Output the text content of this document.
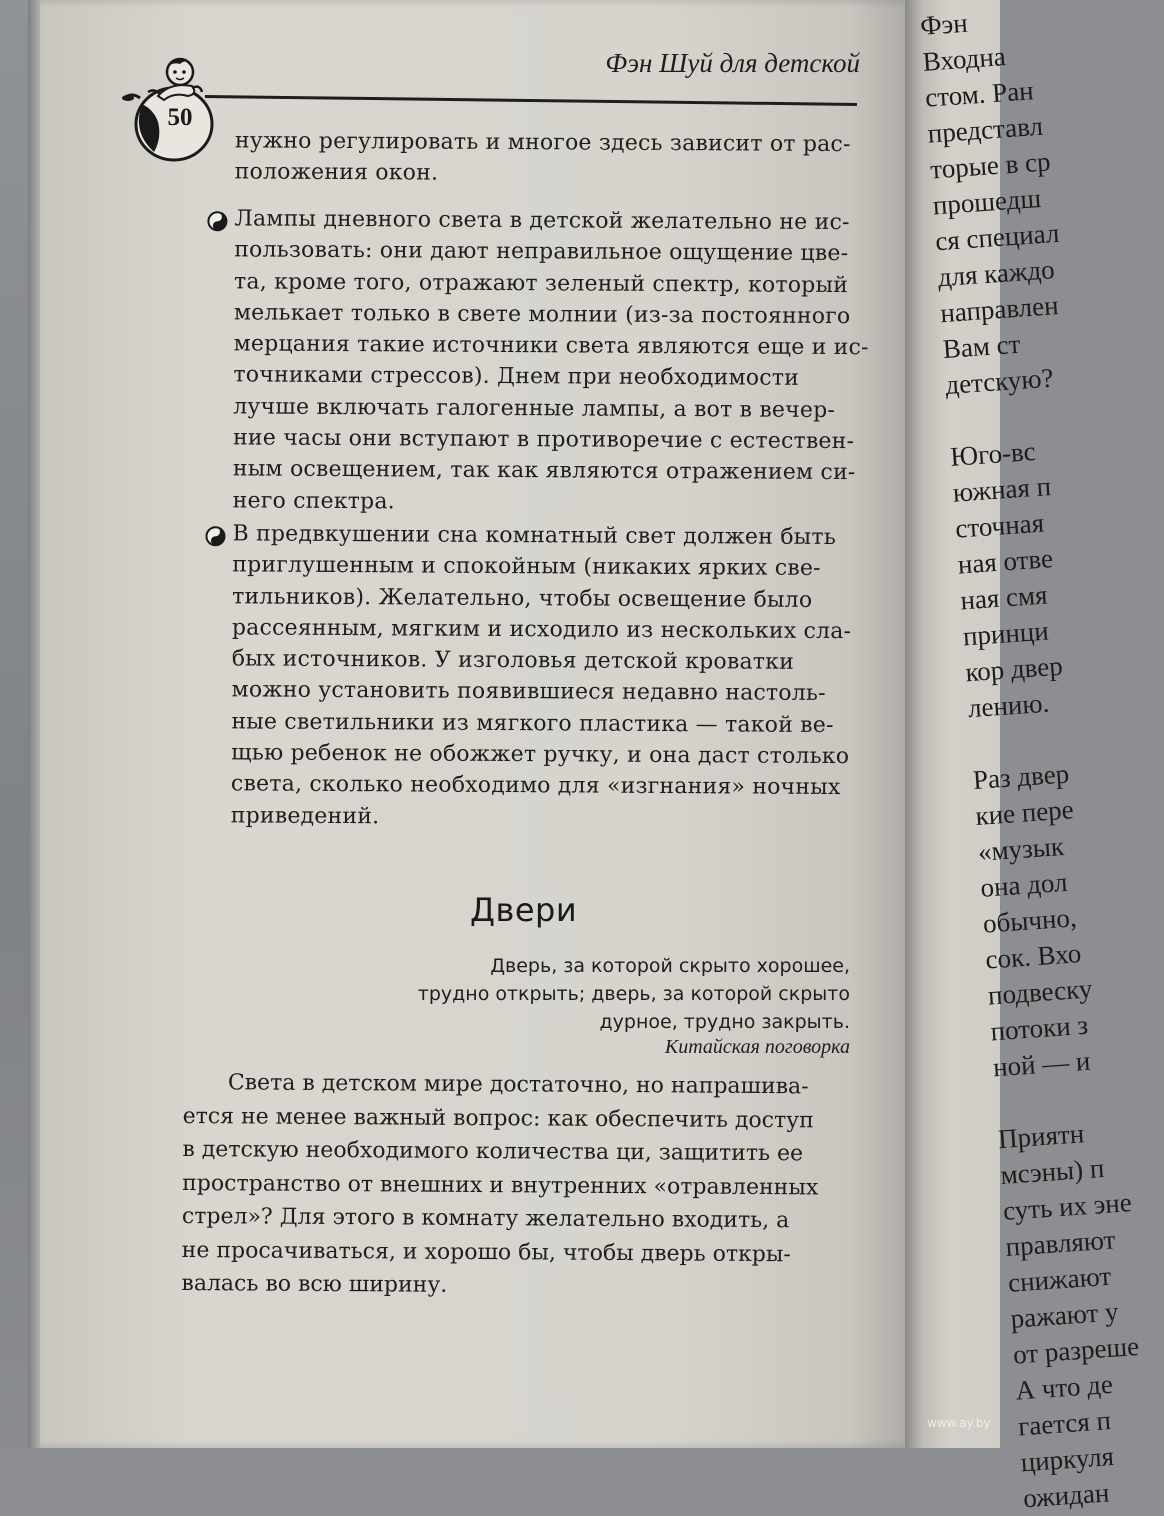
Фэн
Входна
стом. Ран
представл
торые в ср
прошедш
ся специал
для каждо
направлен
Вам ст
детскую?
Юго-вс
южная п
сточная
ная отве
ная смя
принци
кор двер
лению.
Раз двер
кие пере
«музык
она дол
обычно,
сок. Вхо
подвеску
потоки з
ной — и
Приятн
мсэны) п
суть их эне
правляют
снижают
ражают у
от разреше
А что де
гается п
циркуля
ожидан
www.ay.by
Фэн Шуй для детской
50
нужно регулировать и многое здесь зависит от рас-
положения окон.
Лампы дневного света в детской желательно не ис-
пользовать: они дают неправильное ощущение цве-
та, кроме того, отражают зеленый спектр, который
мелькает только в свете молнии (из-за постоянного
мерцания такие источники света являются еще и ис-
точниками стрессов). Днем при необходимости
лучше включать галогенные лампы, а вот в вечер-
ние часы они вступают в противоречие с естествен-
ным освещением, так как являются отражением си-
него спектра.
В предвкушении сна комнатный свет должен быть
приглушенным и спокойным (никаких ярких све-
тильников). Желательно, чтобы освещение было
рассеянным, мягким и исходило из нескольких сла-
бых источников. У изголовья детской кроватки
можно установить появившиеся недавно настоль-
ные светильники из мягкого пластика — такой ве-
щью ребенок не обожжет ручку, и она даст столько
света, сколько необходимо для «изгнания» ночных
приведений.
Двери
Дверь, за которой скрыто хорошее,
трудно открыть; дверь, за которой скрыто
дурное, трудно закрыть.
Китайская поговорка
Света в детском мире достаточно, но напрашива-
ется не менее важный вопрос: как обеспечить доступ
в детскую необходимого количества ци, защитить ее
пространство от внешних и внутренних «отравленных
стрел»? Для этого в комнату желательно входить, а
не просачиваться, и хорошо бы, чтобы дверь откры-
валась во всю ширину.
